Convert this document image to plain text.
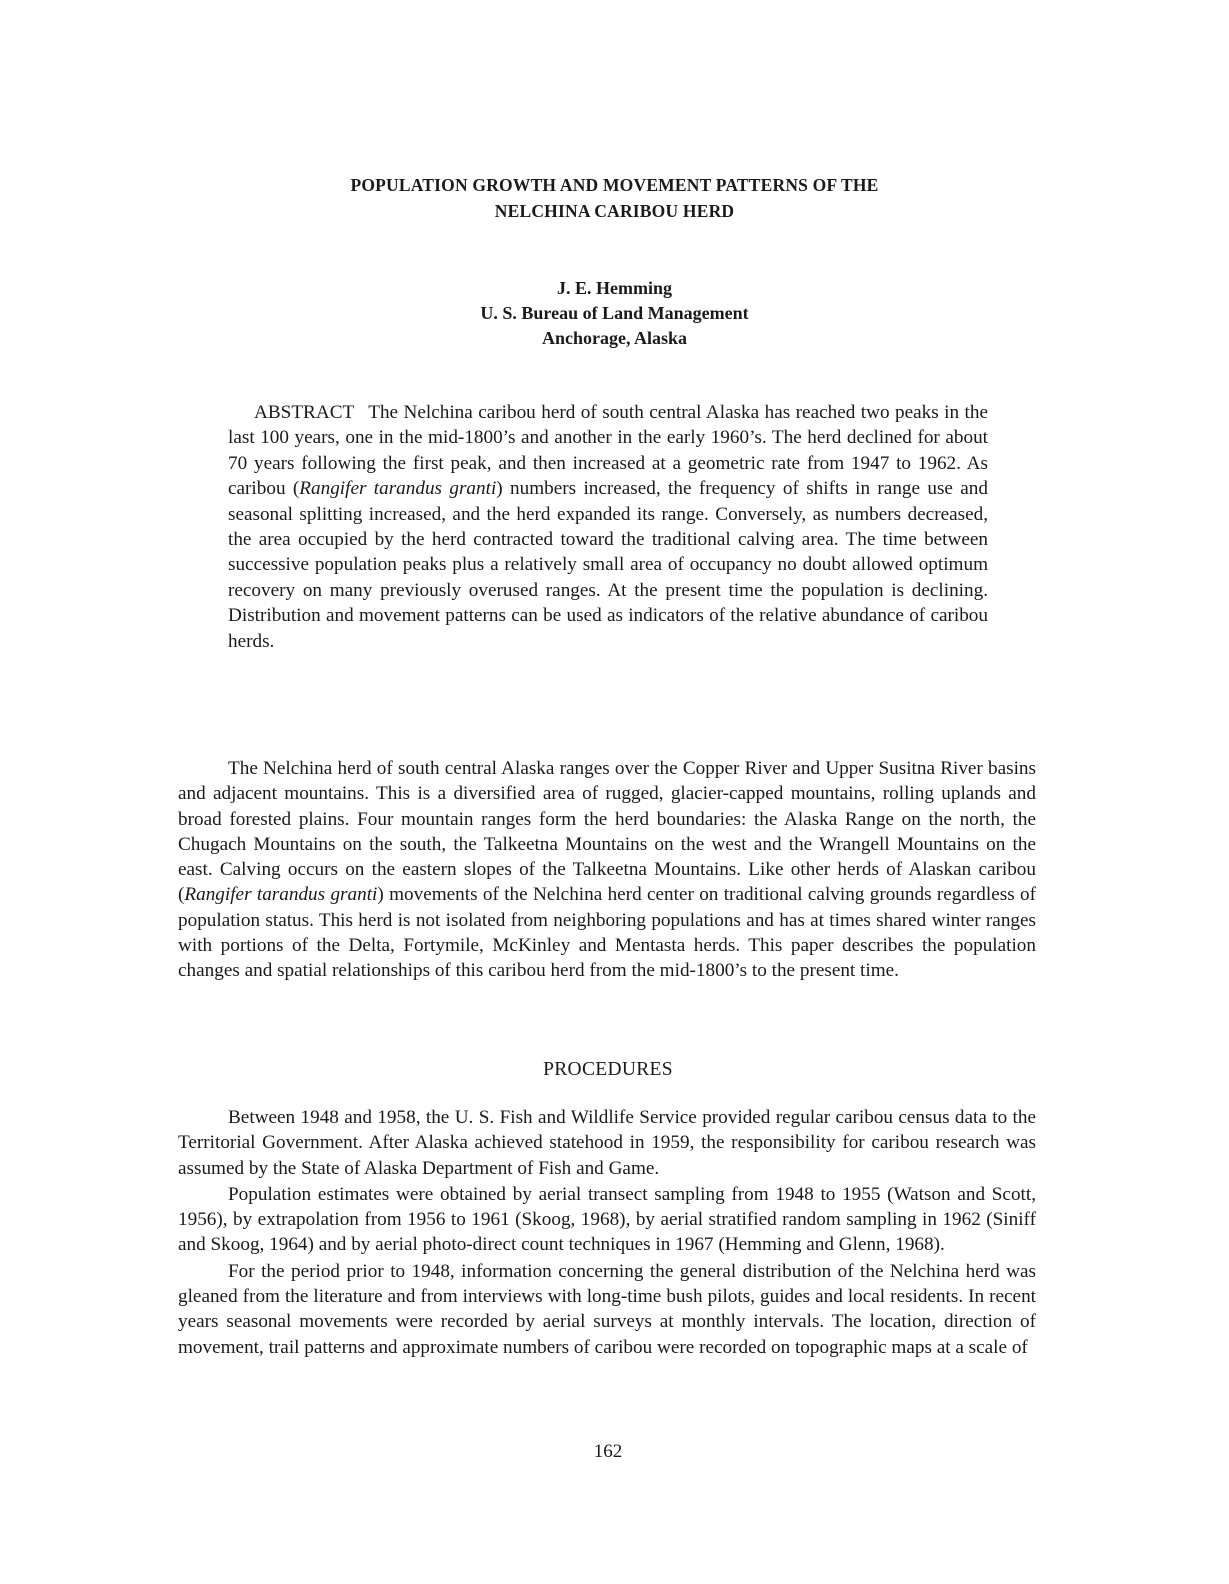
POPULATION GROWTH AND MOVEMENT PATTERNS OF THE
NELCHINA CARIBOU HERD
J. E. Hemming
U. S. Bureau of Land Management
Anchorage, Alaska
ABSTRACT The Nelchina caribou herd of south central Alaska has reached two peaks in the last 100 years, one in the mid-1800’s and another in the early 1960’s. The herd declined for about 70 years following the first peak, and then increased at a geometric rate from 1947 to 1962. As caribou (Rangifer tarandus granti) numbers increased, the frequency of shifts in range use and seasonal splitting increased, and the herd expanded its range. Conversely, as numbers decreased, the area occupied by the herd contracted toward the traditional calving area. The time between successive population peaks plus a relatively small area of occupancy no doubt allowed optimum recovery on many previously overused ranges. At the present time the population is declining. Distribution and movement patterns can be used as indicators of the relative abundance of caribou herds.

The Nelchina herd of south central Alaska ranges over the Copper River and Upper Susitna River basins and adjacent mountains. This is a diversified area of rugged, glacier-capped mountains, rolling uplands and broad forested plains. Four mountain ranges form the herd boundaries: the Alaska Range on the north, the Chugach Mountains on the south, the Talkeetna Mountains on the west and the Wrangell Mountains on the east. Calving occurs on the eastern slopes of the Talkeetna Mountains. Like other herds of Alaskan caribou (Rangifer tarandus granti) movements of the Nelchina herd center on traditional calving grounds regardless of population status. This herd is not isolated from neighboring populations and has at times shared winter ranges with portions of the Delta, Fortymile, McKinley and Mentasta herds. This paper describes the population changes and spatial relationships of this caribou herd from the mid-1800’s to the present time.

PROCEDURES

Between 1948 and 1958, the U. S. Fish and Wildlife Service provided regular caribou census data to the Territorial Government. After Alaska achieved statehood in 1959, the responsibility for caribou research was assumed by the State of Alaska Department of Fish and Game.

Population estimates were obtained by aerial transect sampling from 1948 to 1955 (Watson and Scott, 1956), by extrapolation from 1956 to 1961 (Skoog, 1968), by aerial stratified random sampling in 1962 (Siniff and Skoog, 1964) and by aerial photo-direct count techniques in 1967 (Hemming and Glenn, 1968).

For the period prior to 1948, information concerning the general distribution of the Nelchina herd was gleaned from the literature and from interviews with long-time bush pilots, guides and local residents. In recent years seasonal movements were recorded by aerial surveys at monthly intervals. The location, direction of movement, trail patterns and approximate numbers of caribou were recorded on topographic maps at a scale of

162
